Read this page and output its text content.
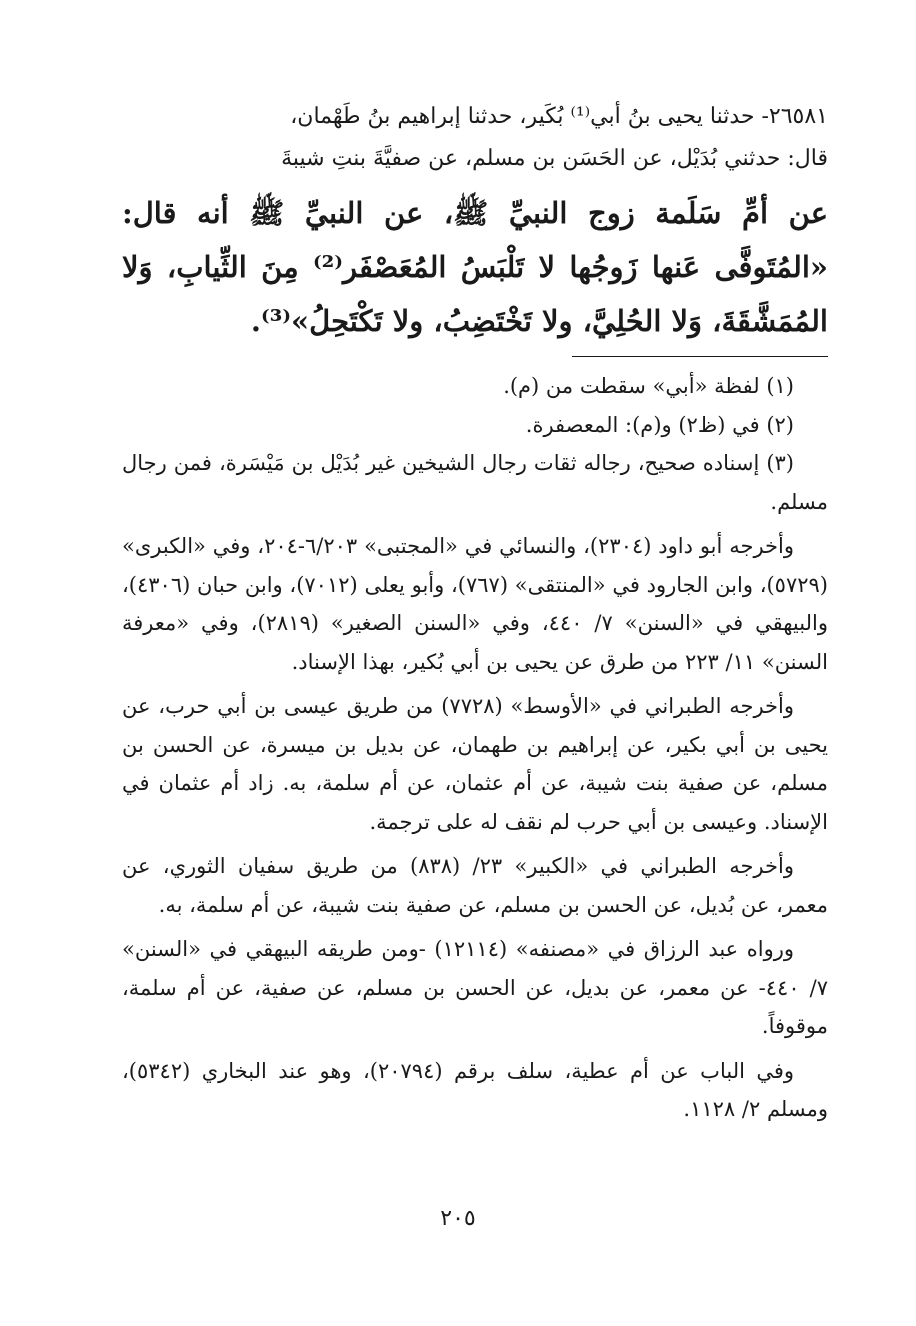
٢٦٥٨١- حدثنا يحيى بنُ أبي⁽¹⁾ بُكَير، حدثنا إبراهيم بنُ طَهْمان،

قال: حدثني بُدَيْل، عن الحَسَن بن مسلم، عن صفيَّةَ بنتِ شيبةَ

عن أمِّ سَلَمة زوج النبيِّ ﷺ، عن النبيِّ ﷺ أنه قال: «المُتَوفَّى عَنها زَوجُها لا تَلْبَسُ المُعَصْفَر⁽²⁾ مِنَ الثِّيابِ، وَلا المُمَشَّقَةَ، وَلا الحُلِيَّ، ولا تَخْتَضِبُ، ولا تَكْتَحِلُ»⁽³⁾.

(١) لفظة «أبي» سقطت من (م).

(٢) في (ظ٢) و(م): المعصفرة.

(٣) إسناده صحيح، رجاله ثقات رجال الشيخين غير بُدَيْل بن مَيْسَرة، فمن رجال مسلم.

وأخرجه أبو داود (٢٣٠٤)، والنسائي في «المجتبى» ٦/٢٠٣-٢٠٤، وفي «الكبرى» (٥٧٢٩)، وابن الجارود في «المنتقى» (٧٦٧)، وأبو يعلى (٧٠١٢)، وابن حبان (٤٣٠٦)، والبيهقي في «السنن» ٧/ ٤٤٠، وفي «السنن الصغير» (٢٨١٩)، وفي «معرفة السنن» ١١/ ٢٢٣ من طرق عن يحيى بن أبي بُكير، بهذا الإسناد.

وأخرجه الطبراني في «الأوسط» (٧٧٢٨) من طريق عيسى بن أبي حرب، عن يحيى بن أبي بكير، عن إبراهيم بن طهمان، عن بديل بن ميسرة، عن الحسن بن مسلم، عن صفية بنت شيبة، عن أم عثمان، عن أم سلمة، به. زاد أم عثمان في الإسناد. وعيسى بن أبي حرب لم نقف له على ترجمة.

وأخرجه الطبراني في «الكبير» ٢٣/ (٨٣٨) من طريق سفيان الثوري، عن معمر، عن بُديل، عن الحسن بن مسلم، عن صفية بنت شيبة، عن أم سلمة، به.

ورواه عبد الرزاق في «مصنفه» (١٢١١٤) -ومن طريقه البيهقي في «السنن» ٧/ ٤٤٠- عن معمر، عن بديل، عن الحسن بن مسلم، عن صفية، عن أم سلمة، موقوفاً.

وفي الباب عن أم عطية، سلف برقم (٢٠٧٩٤)، وهو عند البخاري (٥٣٤٢)، ومسلم ٢/ ١١٢٨.

٢٠٥
